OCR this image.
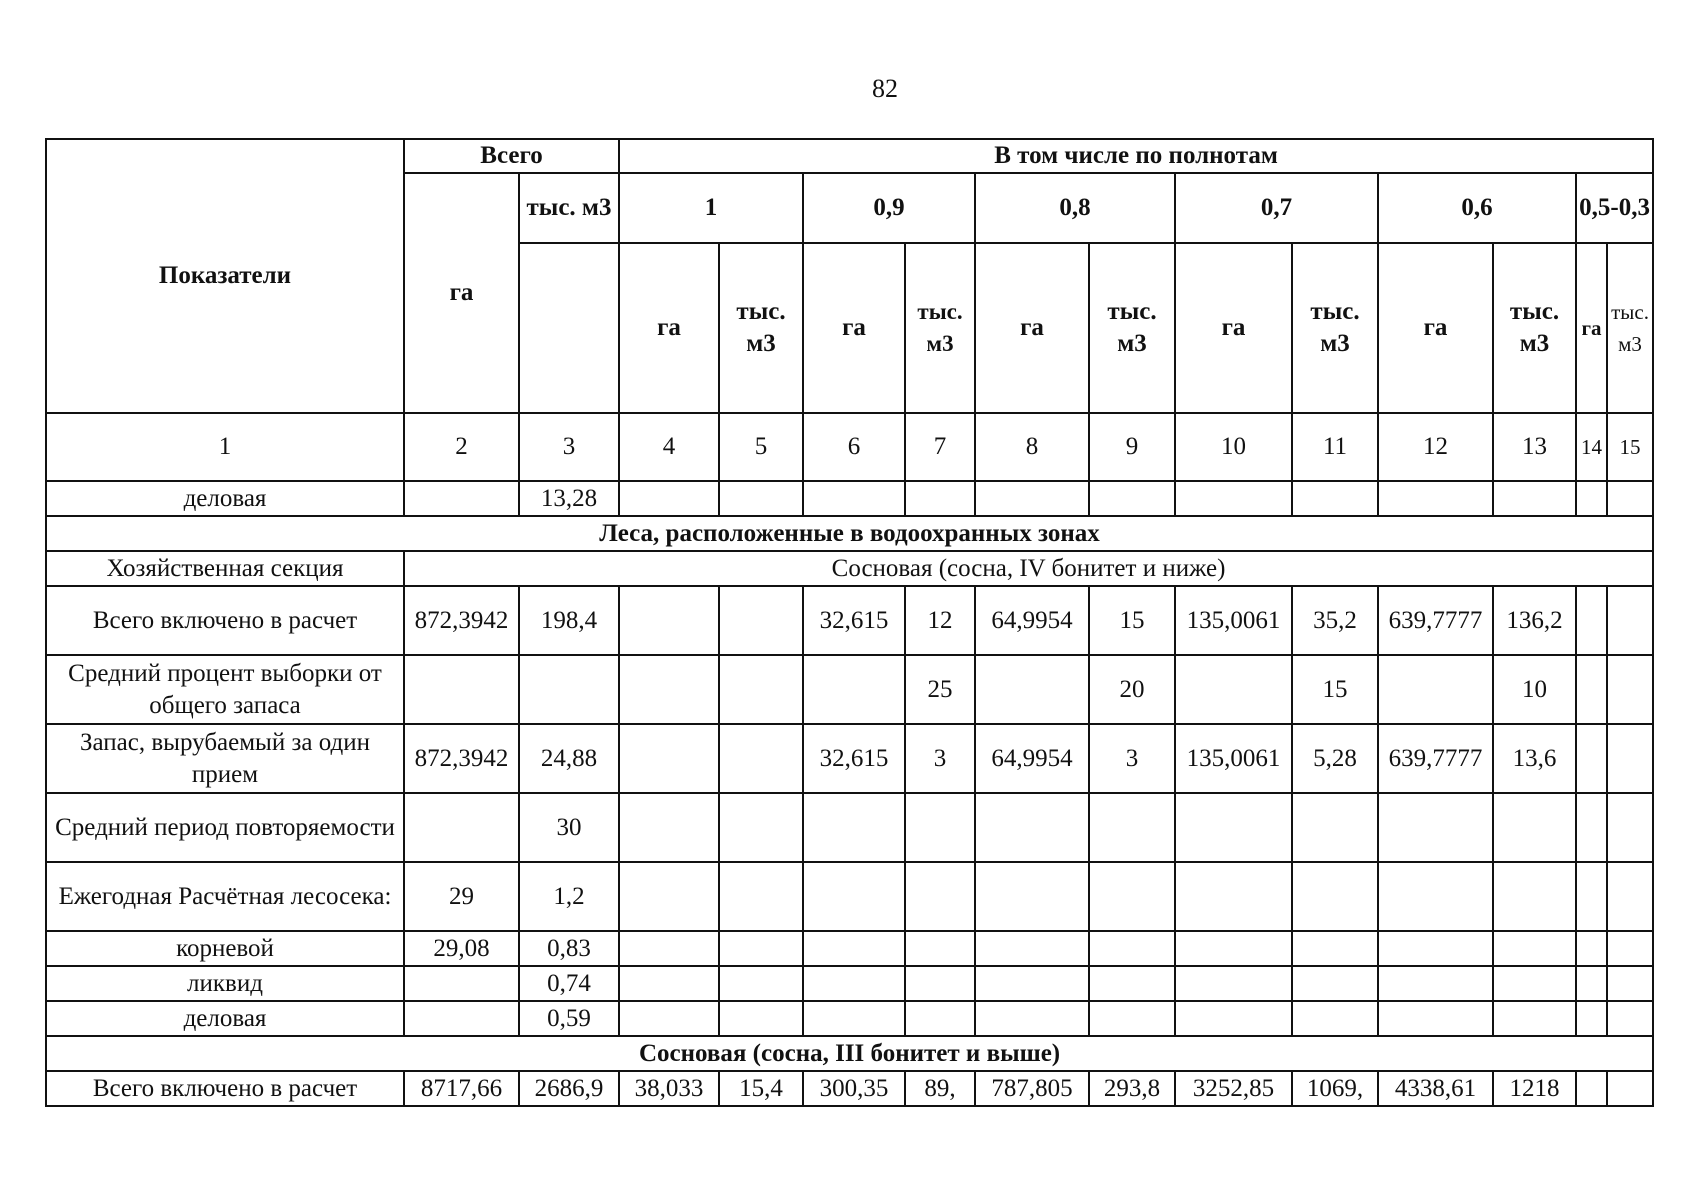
82
Показатели	Всего		В том числе по полнотам											
	га	тыс. м3	1		0,9		0,8		0,7		0,6		0,5-0,3	
			га	тыс. м3	га	тыс. м3	га	тыс. м3	га	тыс. м3	га	тыс. м3	га	тыс. м3
1	2	3	4	5	6	7	8	9	10	11	12	13	14	15
деловая		13,28												
Леса, расположенные в водоохранных зонах														
Хозяйственная секция	Сосновая (сосна, IV бонитет и ниже)													
Всего включено в расчет	872,3942	198,4			32,615	12	64,9954	15	135,0061	35,2	639,7777	136,2		
Средний процент выборки от общего запаса						25		20		15		10		
Запас, вырубаемый за один прием	872,3942	24,88			32,615	3	64,9954	3	135,0061	5,28	639,7777	13,6		
Средний период повторяемости		30												
Ежегодная Расчётная лесосека:	29	1,2												
корневой	29,08	0,83												
ликвид		0,74												
деловая		0,59												
Сосновая (сосна, III бонитет и выше)														
Всего включено в расчет	8717,66	2686,9	38,033	15,4	300,35	89,	787,805	293,8	3252,85	1069,	4338,61	1218		
